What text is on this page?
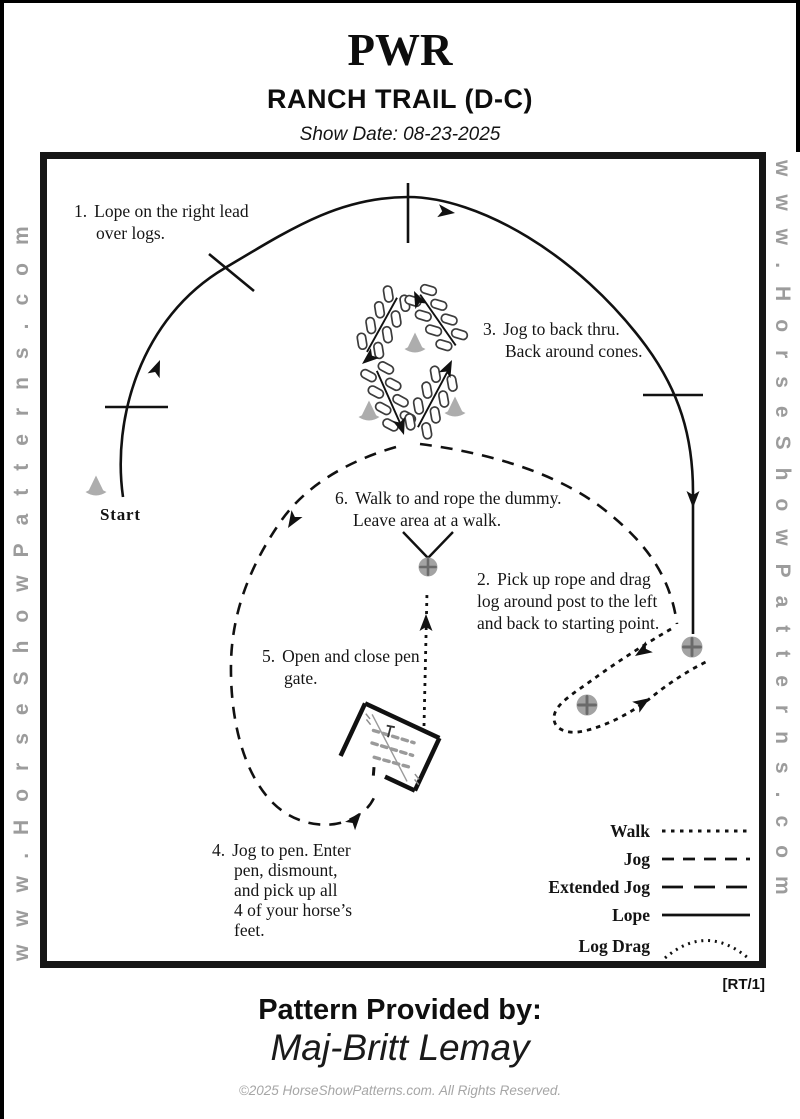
PWR
RANCH TRAIL (D-C)
Show Date: 08-23-2025
www.HorseShowPatterns.com	www.HorseShowPatterns.com
1. Lope on the right lead
over logs.
3. Jog to back thru.
Back around cones.
6. Walk to and rope the dummy.
Leave area at a walk.
2. Pick up rope and drag
log around post to the left
and back to starting point.
5. Open and close pen
gate.
4. Jog to pen. Enter
pen, dismount,
and pick up all
4 of your horse’s
feet.
Start
Walk
Jog
Extended Jog
Lope
Log Drag
[RT/1]
Pattern Provided by:
Maj-Britt Lemay
©2025 HorseShowPatterns.com. All Rights Reserved.
